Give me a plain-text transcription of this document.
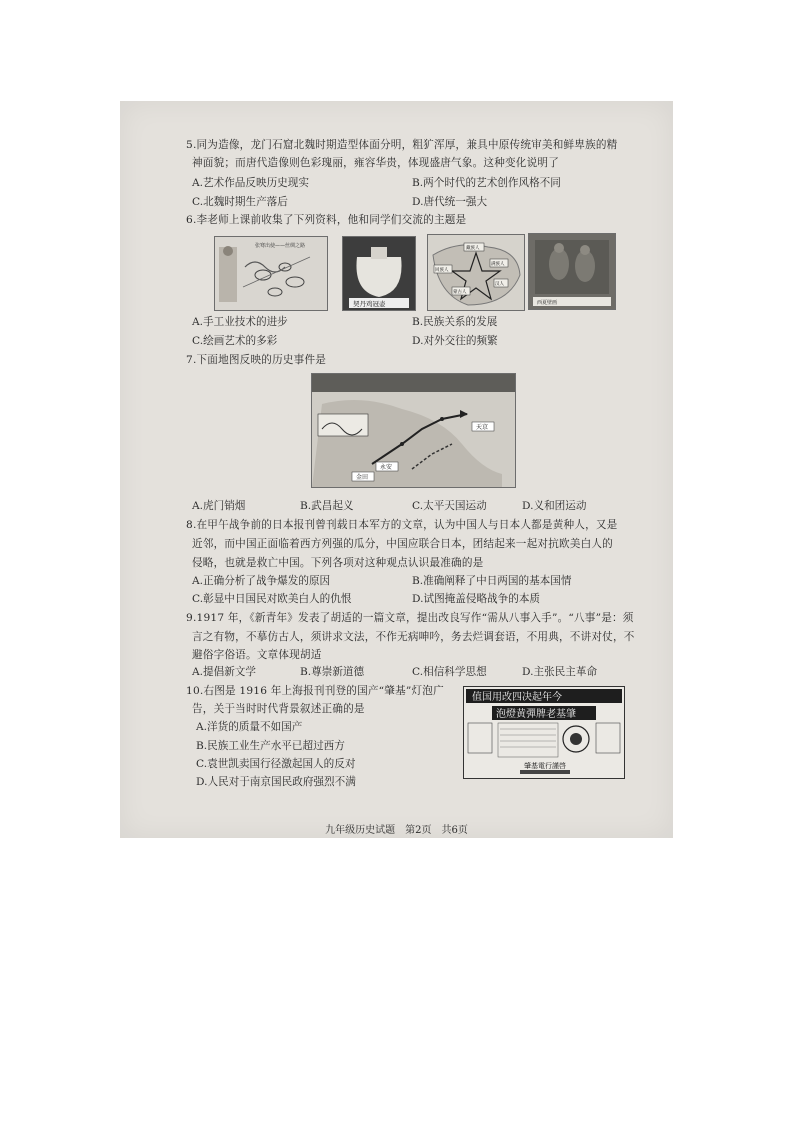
5.同为造像，龙门石窟北魏时期造型体面分明，粗犷浑厚，兼具中原传统审美和鲜卑族的精
神面貌；而唐代造像则色彩瑰丽，雍容华贵，体现盛唐气象。这种变化说明了
A.艺术作品反映历史现实	B.两个时代的艺术创作风格不同
C.北魏时期生产落后	D.唐代统一强大
6.李老师上课前收集了下列资料，他和同学们交流的主题是
张骞出使——丝绸之路
契丹鸡冠壶
藏族人
满族人
回族人
汉人
蒙古人
西夏壁画
A.手工业技术的进步	B.民族关系的发展
C.绘画艺术的多彩	D.对外交往的频繁
7.下面地图反映的历史事件是
永安
金田
天京
A.虎门销烟	B.武昌起义	C.太平天国运动	D.义和团运动
8.在甲午战争前的日本报刊曾刊载日本军方的文章，认为中国人与日本人都是黄种人，又是
近邻，而中国正面临着西方列强的瓜分，中国应联合日本，团结起来一起对抗欧美白人的
侵略，也就是救亡中国。下列各项对这种观点认识最准确的是
A.正确分析了战争爆发的原因	B.准确阐释了中日两国的基本国情
C.彰显中日国民对欧美白人的仇恨	D.试图掩盖侵略战争的本质
9.1917 年，《新青年》发表了胡适的一篇文章，提出改良写作“需从八事入手”。“八事”是：须
言之有物，不摹仿古人，须讲求文法，不作无病呻吟，务去烂调套语，不用典，不讲对仗，不
避俗字俗语。文章体现胡适
A.提倡新文学	B.尊崇新道德	C.相信科学思想	D.主张民主革命
10.右图是 1916 年上海报刊刊登的国产“肇基”灯泡广
告，关于当时时代背景叙述正确的是
A.洋货的质量不如国产
B.民族工业生产水平已超过西方
C.袁世凯卖国行径激起国人的反对
D.人民对于南京国民政府强烈不满
值国用改四决起年今
泡燈黄彈牌老基肇
肇基電行謹啓
九年级历史试题　第2页　共6页
